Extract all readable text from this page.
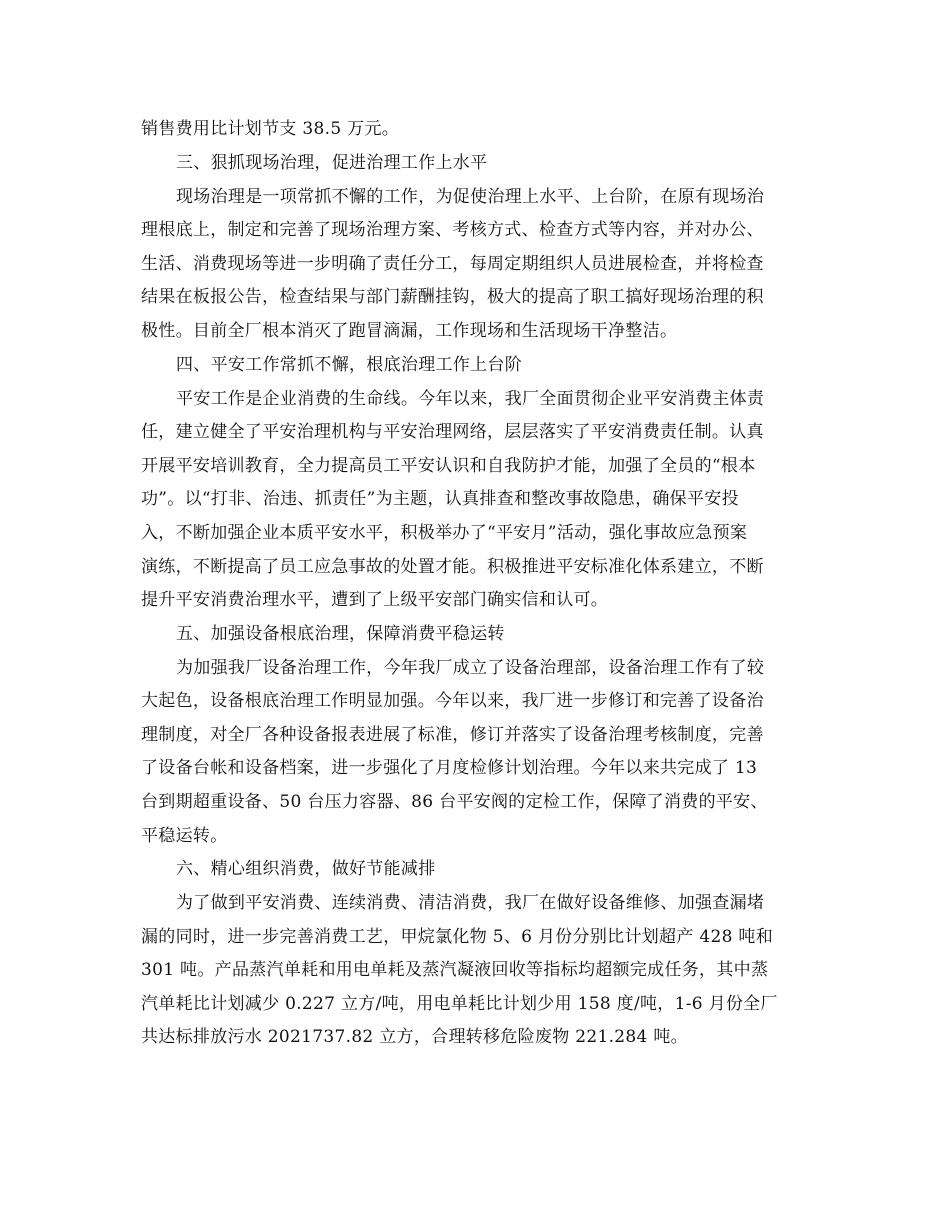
销售费用比计划节支 38.5 万元。
三、狠抓现场治理，促进治理工作上水平
现场治理是一项常抓不懈的工作，为促使治理上水平、上台阶，在原有现场治
理根底上，制定和完善了现场治理方案、考核方式、检查方式等内容，并对办公、
生活、消费现场等进一步明确了责任分工，每周定期组织人员进展检查，并将检查
结果在板报公告，检查结果与部门薪酬挂钩，极大的提高了职工搞好现场治理的积
极性。目前全厂根本消灭了跑冒滴漏，工作现场和生活现场干净整洁。
四、平安工作常抓不懈，根底治理工作上台阶
平安工作是企业消费的生命线。今年以来，我厂全面贯彻企业平安消费主体责
任，建立健全了平安治理机构与平安治理网络，层层落实了平安消费责任制。认真
开展平安培训教育，全力提高员工平安认识和自我防护才能，加强了全员的“根本
功”。以“打非、治违、抓责任”为主题，认真排查和整改事故隐患，确保平安投
入，不断加强企业本质平安水平，积极举办了“平安月”活动，强化事故应急预案
演练，不断提高了员工应急事故的处置才能。积极推进平安标准化体系建立，不断
提升平安消费治理水平，遭到了上级平安部门确实信和认可。
五、加强设备根底治理，保障消费平稳运转
为加强我厂设备治理工作，今年我厂成立了设备治理部，设备治理工作有了较
大起色，设备根底治理工作明显加强。今年以来，我厂进一步修订和完善了设备治
理制度，对全厂各种设备报表进展了标准，修订并落实了设备治理考核制度，完善
了设备台帐和设备档案，进一步强化了月度检修计划治理。今年以来共完成了 13
台到期超重设备、50 台压力容器、86 台平安阀的定检工作，保障了消费的平安、
平稳运转。
六、精心组织消费，做好节能减排
为了做到平安消费、连续消费、清洁消费，我厂在做好设备维修、加强查漏堵
漏的同时，进一步完善消费工艺，甲烷氯化物 5、6 月份分别比计划超产 428 吨和
301 吨。产品蒸汽单耗和用电单耗及蒸汽凝液回收等指标均超额完成任务，其中蒸
汽单耗比计划减少 0.227 立方/吨，用电单耗比计划少用 158 度/吨，1-6 月份全厂
共达标排放污水 2021737.82 立方，合理转移危险废物 221.284 吨。
